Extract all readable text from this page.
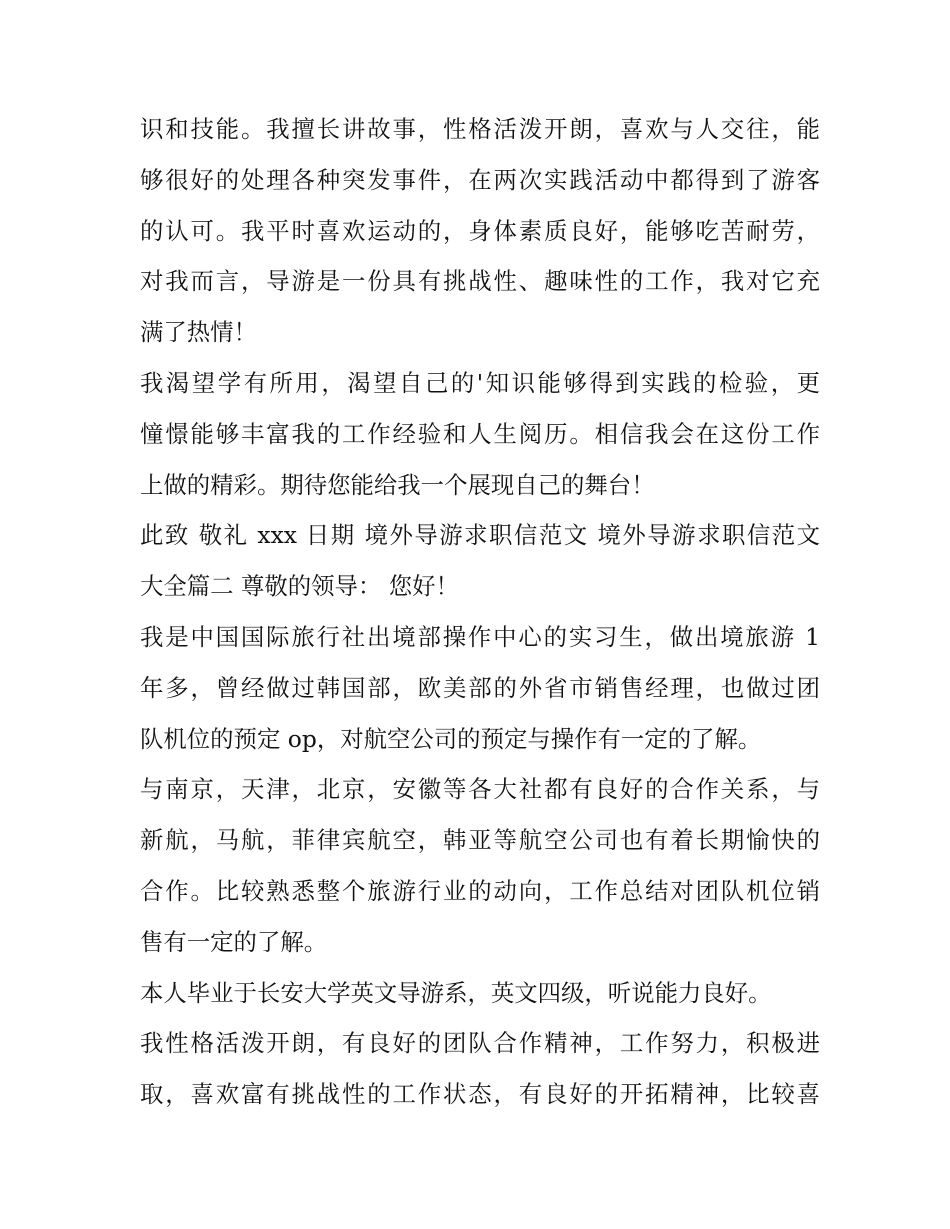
识和技能。我擅长讲故事，性格活泼开朗，喜欢与人交往，能
够很好的处理各种突发事件，在两次实践活动中都得到了游客
的认可。我平时喜欢运动的，身体素质良好，能够吃苦耐劳，
对我而言，导游是一份具有挑战性、趣味性的工作，我对它充
满了热情！
我渴望学有所用，渴望自己的'知识能够得到实践的检验，更
憧憬能够丰富我的工作经验和人生阅历。相信我会在这份工作
上做的精彩。期待您能给我一个展现自己的舞台！
此致 敬礼 xxx 日期 境外导游求职信范文 境外导游求职信范文
大全篇二 尊敬的领导： 您好！
我是中国国际旅行社出境部操作中心的实习生，做出境旅游 1
年多，曾经做过韩国部，欧美部的外省市销售经理，也做过团
队机位的预定 op，对航空公司的预定与操作有一定的了解。
与南京，天津，北京，安徽等各大社都有良好的合作关系，与
新航，马航，菲律宾航空，韩亚等航空公司也有着长期愉快的
合作。比较熟悉整个旅游行业的动向，工作总结对团队机位销
售有一定的了解。
本人毕业于长安大学英文导游系，英文四级，听说能力良好。
我性格活泼开朗，有良好的团队合作精神，工作努力，积极进
取，喜欢富有挑战性的工作状态，有良好的开拓精神，比较喜
